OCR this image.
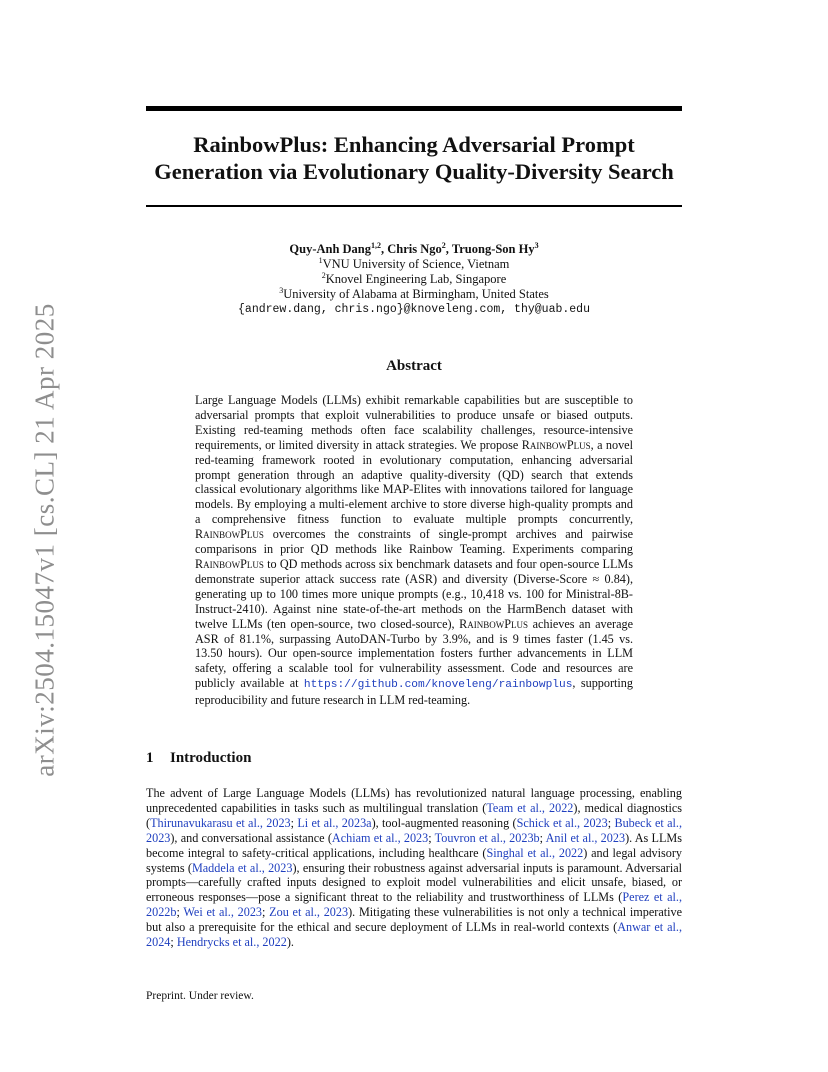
arXiv:2504.15047v1 [cs.CL] 21 Apr 2025
RainbowPlus: Enhancing Adversarial Prompt
Generation via Evolutionary Quality-Diversity Search
Quy-Anh Dang$^{1,2}$, Chris Ngo$^2$, Truong-Son Hy$^3$
$^1$VNU University of Science, Vietnam
$^2$Knovel Engineering Lab, Singapore
$^3$University of Alabama at Birmingham, United States
{andrew.dang, chris.ngo}@knoveleng.com, thy@uab.edu
Abstract
Large Language Models (LLMs) exhibit remarkable capabilities but are susceptible to adversarial prompts that exploit vulnerabilities to produce unsafe or biased outputs. Existing red-teaming methods often face scalability challenges, resource-intensive requirements, or limited diversity in attack strategies. We propose RainbowPlus, a novel red-teaming framework rooted in evolutionary computation, enhancing adversarial prompt generation through an adaptive quality-diversity (QD) search that extends classical evolutionary algorithms like MAP-Elites with innovations tailored for language models. By employing a multi-element archive to store diverse high-quality prompts and a comprehensive fitness function to evaluate multiple prompts concurrently, RainbowPlus overcomes the constraints of single-prompt archives and pairwise comparisons in prior QD methods like Rainbow Teaming. Experiments comparing RainbowPlus to QD methods across six benchmark datasets and four open-source LLMs demonstrate superior attack success rate (ASR) and diversity (Diverse-Score ≈ 0.84), generating up to 100 times more unique prompts (e.g., 10,418 vs. 100 for Ministral-8B-Instruct-2410). Against nine state-of-the-art methods on the HarmBench dataset with twelve LLMs (ten open-source, two closed-source), RainbowPlus achieves an average ASR of 81.1%, surpassing AutoDAN-Turbo by 3.9%, and is 9 times faster (1.45 vs. 13.50 hours). Our open-source implementation fosters further advancements in LLM safety, offering a scalable tool for vulnerability assessment. Code and resources are publicly available at https://github.com/knoveleng/rainbowplus, supporting reproducibility and future research in LLM red-teaming.
1 Introduction
The advent of Large Language Models (LLMs) has revolutionized natural language processing, enabling unprecedented capabilities in tasks such as multilingual translation (Team et al., 2022), medical diagnostics (Thirunavukarasu et al., 2023; Li et al., 2023a), tool-augmented reasoning (Schick et al., 2023; Bubeck et al., 2023), and conversational assistance (Achiam et al., 2023; Touvron et al., 2023b; Anil et al., 2023). As LLMs become integral to safety-critical applications, including healthcare (Singhal et al., 2022) and legal advisory systems (Maddela et al., 2023), ensuring their robustness against adversarial inputs is paramount. Adversarial prompts—carefully crafted inputs designed to exploit model vulnerabilities and elicit unsafe, biased, or erroneous responses—pose a significant threat to the reliability and trustworthiness of LLMs (Perez et al., 2022b; Wei et al., 2023; Zou et al., 2023). Mitigating these vulnerabilities is not only a technical imperative but also a prerequisite for the ethical and secure deployment of LLMs in real-world contexts (Anwar et al., 2024; Hendrycks et al., 2022).
Preprint. Under review.
